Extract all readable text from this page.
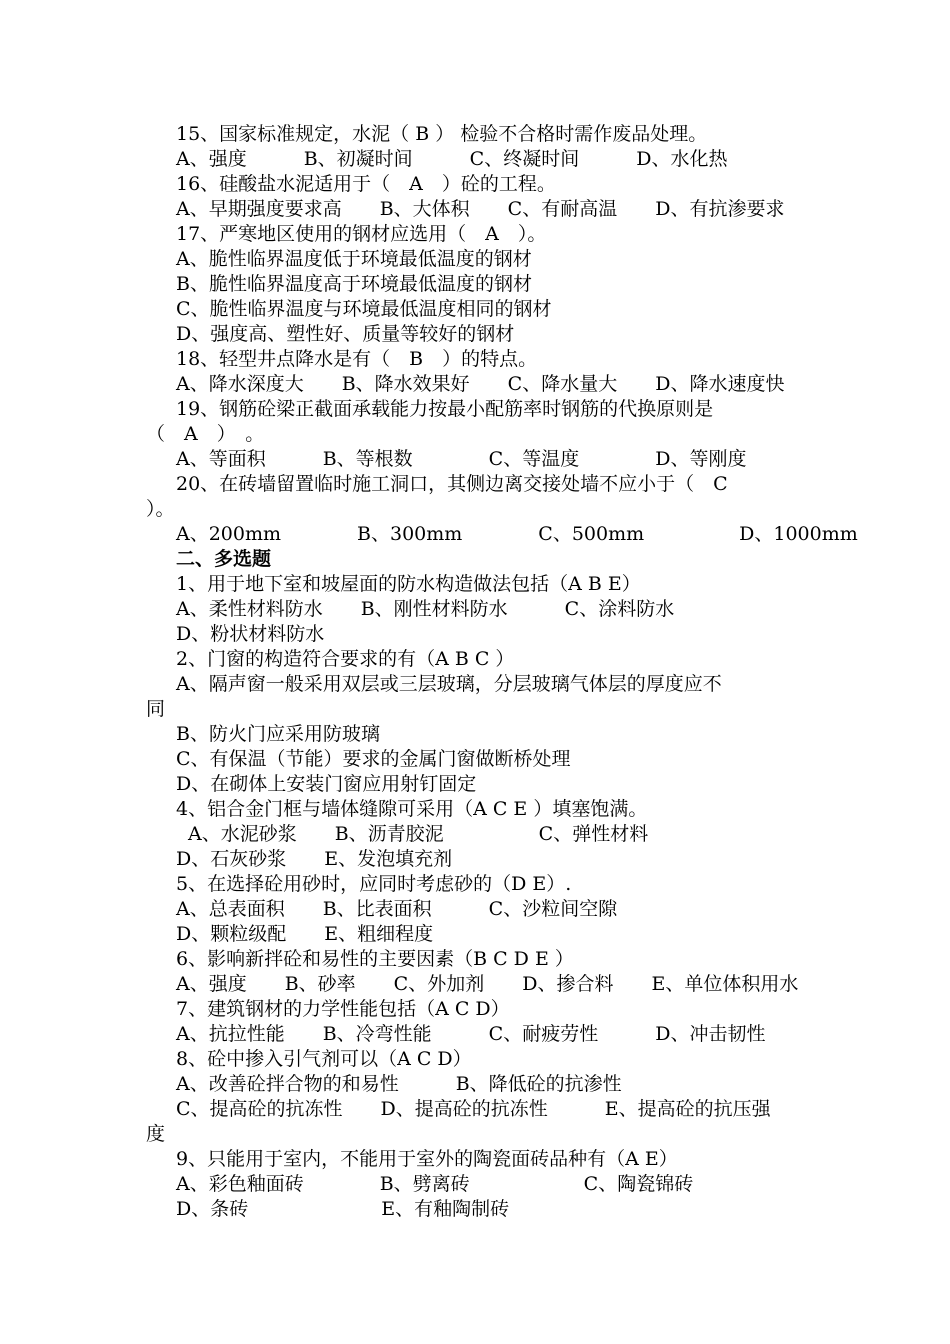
15、国家标准规定，水泥（ B ） 检验不合格时需作废品处理。
A、强度　　　B、初凝时间　　　C、终凝时间　　　D、水化热
16、硅酸盐水泥适用于（　A　）砼的工程。
A、早期强度要求高　　B、大体积　　C、有耐高温　　D、有抗渗要求
17、严寒地区使用的钢材应选用（　A　）。
A、脆性临界温度低于环境最低温度的钢材
B、脆性临界温度高于环境最低温度的钢材
C、脆性临界温度与环境最低温度相同的钢材
D、强度高、塑性好、质量等较好的钢材
18、轻型井点降水是有（　B　）的特点。
A、降水深度大　　B、降水效果好　　C、降水量大　　D、降水速度快
19、钢筋砼梁正截面承载能力按最小配筋率时钢筋的代换原则是
（　A　）　。
A、等面积　　　B、等根数　　　　C、等温度　　　　D、等刚度
20、在砖墙留置临时施工洞口，其侧边离交接处墙不应小于（　C
）。
A、200mm　　　　B、300mm　　　　C、500mm　　　　　D、1000mm
二、多选题
1、用于地下室和坡屋面的防水构造做法包括（A B E）
A、柔性材料防水　　B、刚性材料防水　　　C、涂料防水
D、粉状材料防水
2、门窗的构造符合要求的有（A B C ）
A、隔声窗一般采用双层或三层玻璃，分层玻璃气体层的厚度应不
同
B、防火门应采用防玻璃
C、有保温（节能）要求的金属门窗做断桥处理
D、在砌体上安装门窗应用射钉固定
4、铝合金门框与墙体缝隙可采用（A C E ）填塞饱满。
A、水泥砂浆　　B、沥青胶泥　　　　　C、弹性材料
D、石灰砂浆　　E、发泡填充剂
5、在选择砼用砂时，应同时考虑砂的（D E）.
A、总表面积　　B、比表面积　　　C、沙粒间空隙
D、颗粒级配　　E、粗细程度
6、影响新拌砼和易性的主要因素（B C D E ）
A、强度　　B、砂率　　C、外加剂　　D、掺合料　　E、单位体积用水
7、建筑钢材的力学性能包括（A C D）
A、抗拉性能　　B、冷弯性能　　　C、耐疲劳性　　　D、冲击韧性
8、砼中掺入引气剂可以（A C D）
A、改善砼拌合物的和易性　　　B、降低砼的抗渗性
C、提高砼的抗冻性　　D、提高砼的抗冻性　　　E、提高砼的抗压强
度
9、只能用于室内，不能用于室外的陶瓷面砖品种有（A E）
A、彩色釉面砖　　　　B、劈离砖　　　　　　C、陶瓷锦砖
D、条砖　　　　　　　E、有釉陶制砖
